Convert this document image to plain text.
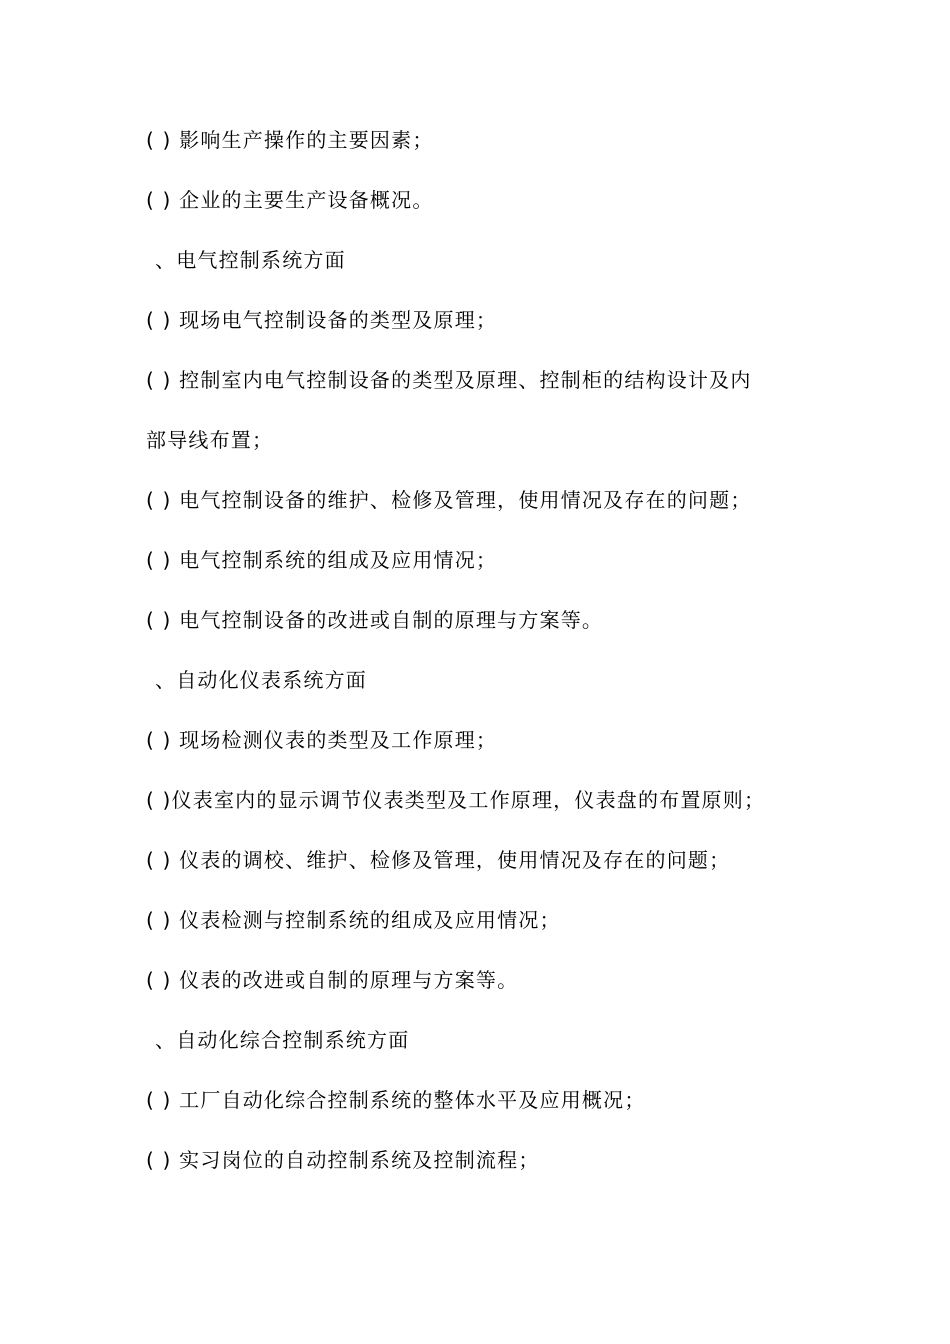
( ) 影响生产操作的主要因素；
( ) 企业的主要生产设备概况。
、电气控制系统方面
( ) 现场电气控制设备的类型及原理；
( ) 控制室内电气控制设备的类型及原理、控制柜的结构设计及内
部导线布置；
( ) 电气控制设备的维护、检修及管理，使用情况及存在的问题；
( ) 电气控制系统的组成及应用情况；
( ) 电气控制设备的改进或自制的原理与方案等。
、自动化仪表系统方面
( ) 现场检测仪表的类型及工作原理；
( )仪表室内的显示调节仪表类型及工作原理，仪表盘的布置原则；
( ) 仪表的调校、维护、检修及管理，使用情况及存在的问题；
( ) 仪表检测与控制系统的组成及应用情况；
( ) 仪表的改进或自制的原理与方案等。
、自动化综合控制系统方面
( ) 工厂自动化综合控制系统的整体水平及应用概况；
( ) 实习岗位的自动控制系统及控制流程；
